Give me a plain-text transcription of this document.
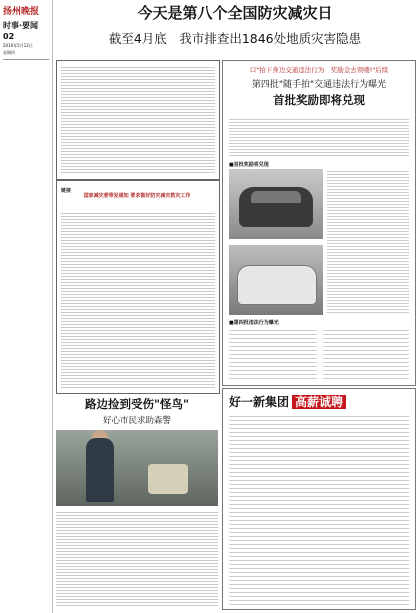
扬州晚报
时事·要闻
02
2016年5月12日
星期四
今天是第八个全国防灾减灾日
截至4月底　我市排查出1846处地质灾害隐患
链接
国家减灾委等发通知 要求做好防灾减灾救灾工作
口"拍下身边交通违法行为　奖励金去领喽!"后续
第四批"随手拍"交通违法行为曝光
首批奖励即将兑现
■首批奖励将兑现
■第四批违法行为曝光
路边捡到受伤"怪鸟"
好心市民求助森警
好一新集团 高薪诚聘
